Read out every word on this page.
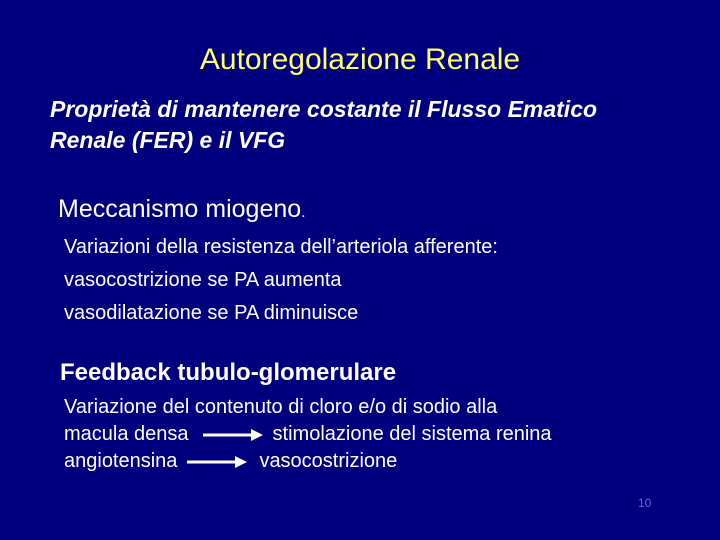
Autoregolazione Renale
Proprietà di mantenere costante il Flusso Ematico
Renale (FER) e il VFG
Meccanismo miogeno.
Variazioni della resistenza dell’arteriola afferente:
vasocostrizione se PA aumenta
vasodilatazione se PA diminuisce
Feedback tubulo-glomerulare
Variazione del contenuto di cloro e/o di sodio alla
macula densa	stimolazione del sistema renina
angiotensina	vasocostrizione
10
